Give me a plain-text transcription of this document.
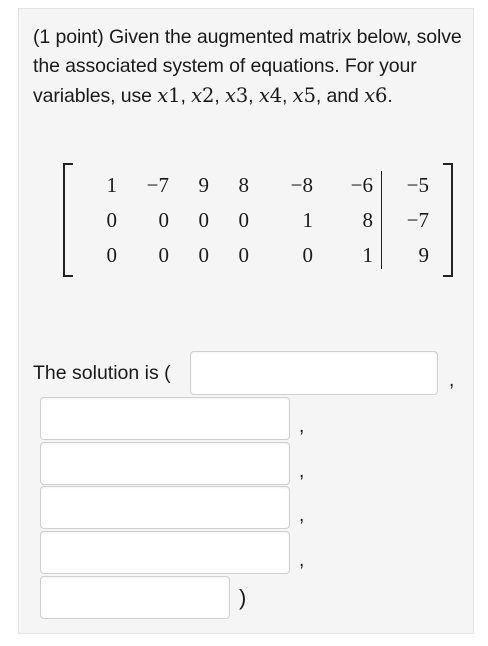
(1 point) Given the augmented matrix below, solve the associated system of equations. For your variables, use x1, x2, x3, x4, x5, and x6.
1	−7	9	8	−8	−6	−5
0	0	0	0	1	8	−7
0	0	0	0	0	1	9
The solution is (	,
,
,
,
,
)
